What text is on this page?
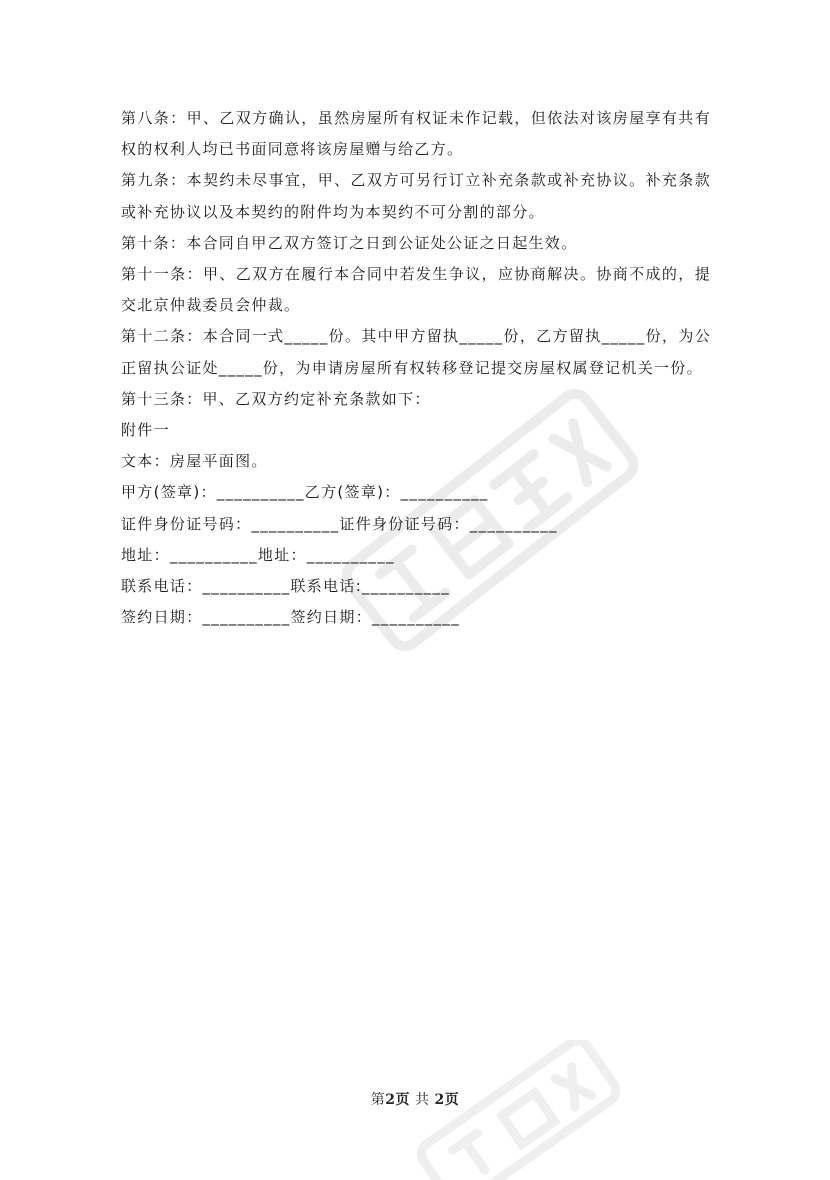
第八条：甲、乙双方确认，虽然房屋所有权证未作记载，但依法对该房屋享有共有权的权利人均已书面同意将该房屋赠与给乙方。

第九条：本契约未尽事宜，甲、乙双方可另行订立补充条款或补充协议。补充条款或补充协议以及本契约的附件均为本契约不可分割的部分。

第十条：本合同自甲乙双方签订之日到公证处公证之日起生效。

第十一条：甲、乙双方在履行本合同中若发生争议，应协商解决。协商不成的，提交北京仲裁委员会仲裁。

第十二条：本合同一式_____份。其中甲方留执_____份，乙方留执_____份，为公正留执公证处_____份，为申请房屋所有权转移登记提交房屋权属登记机关一份。

第十三条：甲、乙双方约定补充条款如下：

附件一

文本：房屋平面图。

甲方(签章)：__________乙方(签章)：__________

证件身份证号码：__________证件身份证号码：__________

地址：__________地址：__________

联系电话：__________联系电话:__________

签约日期：__________签约日期：__________

第2页 共 2页
